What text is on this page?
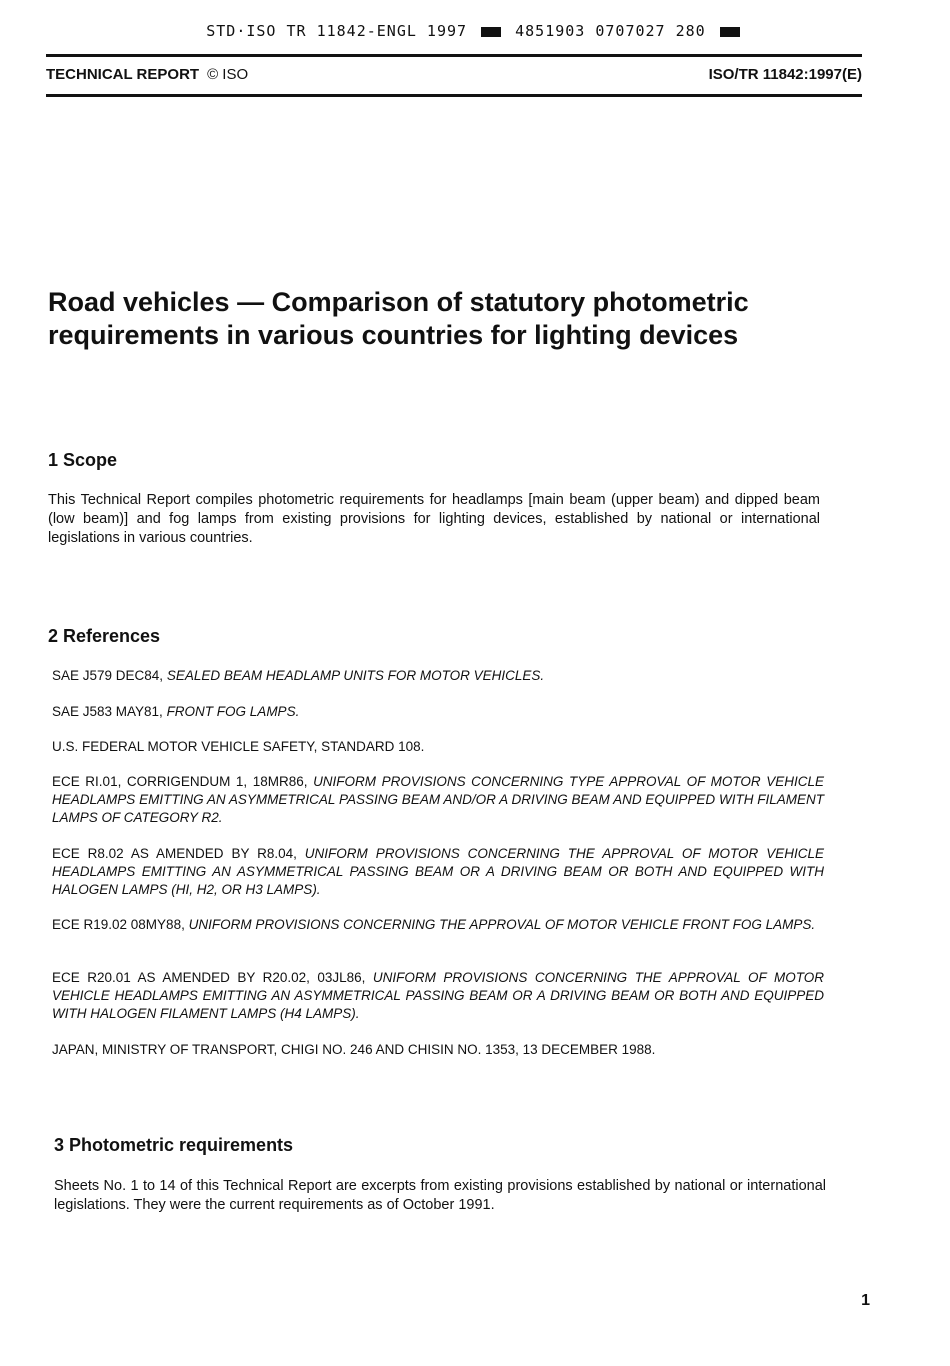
STD·ISO TR 11842-ENGL 1997	4851903 0707027 280
TECHNICAL REPORT © ISO	ISO/TR 11842:1997(E)
Road vehicles — Comparison of statutory photometric requirements in various countries for lighting devices
1 Scope

This Technical Report compiles photometric requirements for headlamps [main beam (upper beam) and dipped beam (low beam)] and fog lamps from existing provisions for lighting devices, established by national or international legislations in various countries.

2 References

SAE J579 DEC84, SEALED BEAM HEADLAMP UNITS FOR MOTOR VEHICLES.

SAE J583 MAY81, FRONT FOG LAMPS.

U.S. FEDERAL MOTOR VEHICLE SAFETY, STANDARD 108.

ECE RI.01, CORRIGENDUM 1, 18MR86, UNIFORM PROVISIONS CONCERNING TYPE APPROVAL OF MOTOR VEHICLE HEADLAMPS EMITTING AN ASYMMETRICAL PASSING BEAM AND/OR A DRIVING BEAM AND EQUIPPED WITH FILAMENT LAMPS OF CATEGORY R2.

ECE R8.02 AS AMENDED BY R8.04, UNIFORM PROVISIONS CONCERNING THE APPROVAL OF MOTOR VEHICLE HEADLAMPS EMITTING AN ASYMMETRICAL PASSING BEAM OR A DRIVING BEAM OR BOTH AND EQUIPPED WITH HALOGEN LAMPS (HI, H2, OR H3 LAMPS).

ECE R19.02 08MY88, UNIFORM PROVISIONS CONCERNING THE APPROVAL OF MOTOR VEHICLE FRONT FOG LAMPS.

ECE R20.01 AS AMENDED BY R20.02, 03JL86, UNIFORM PROVISIONS CONCERNING THE APPROVAL OF MOTOR VEHICLE HEADLAMPS EMITTING AN ASYMMETRICAL PASSING BEAM OR A DRIVING BEAM OR BOTH AND EQUIPPED WITH HALOGEN FILAMENT LAMPS (H4 LAMPS).

JAPAN, MINISTRY OF TRANSPORT, CHIGI NO. 246 AND CHISIN NO. 1353, 13 DECEMBER 1988.

3 Photometric requirements

Sheets No. 1 to 14 of this Technical Report are excerpts from existing provisions established by national or international legislations. They were the current requirements as of October 1991.

1
